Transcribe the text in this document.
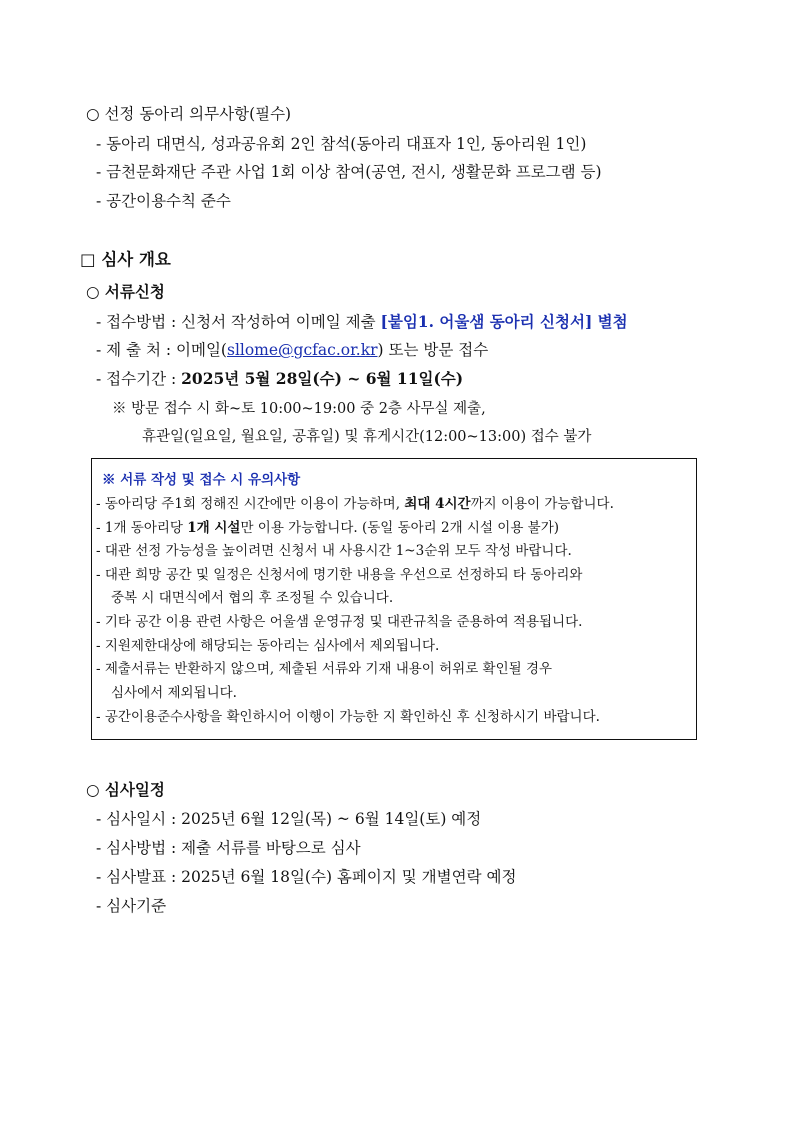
○ 선정 동아리 의무사항(필수)
- 동아리 대면식, 성과공유회 2인 참석(동아리 대표자 1인, 동아리원 1인)
- 금천문화재단 주관 사업 1회 이상 참여(공연, 전시, 생활문화 프로그램 등)
- 공간이용수칙 준수
□ 심사 개요
○ 서류신청
- 접수방법 : 신청서 작성하여 이메일 제출 [붙임1. 어울샘 동아리 신청서] 별첨
- 제 출 처 : 이메일(sllome@gcfac.or.kr) 또는 방문 접수
- 접수기간 : 2025년 5월 28일(수) ~ 6월 11일(수)
※ 방문 접수 시 화~토 10:00~19:00 중 2층 사무실 제출,
휴관일(일요일, 월요일, 공휴일) 및 휴게시간(12:00~13:00) 접수 불가
※ 서류 작성 및 접수 시 유의사항
- 동아리당 주1회 정해진 시간에만 이용이 가능하며, 최대 4시간까지 이용이 가능합니다.
- 1개 동아리당 1개 시설만 이용 가능합니다. (동일 동아리 2개 시설 이용 불가)
- 대관 선정 가능성을 높이려면 신청서 내 사용시간 1~3순위 모두 작성 바랍니다.
- 대관 희망 공간 및 일정은 신청서에 명기한 내용을 우선으로 선정하되 타 동아리와
중복 시 대면식에서 협의 후 조정될 수 있습니다.
- 기타 공간 이용 관련 사항은 어울샘 운영규정 및 대관규칙을 준용하여 적용됩니다.
- 지원제한대상에 해당되는 동아리는 심사에서 제외됩니다.
- 제출서류는 반환하지 않으며, 제출된 서류와 기재 내용이 허위로 확인될 경우
심사에서 제외됩니다.
- 공간이용준수사항을 확인하시어 이행이 가능한 지 확인하신 후 신청하시기 바랍니다.
○ 심사일정
- 심사일시 : 2025년 6월 12일(목) ~ 6월 14일(토) 예정
- 심사방법 : 제출 서류를 바탕으로 심사
- 심사발표 : 2025년 6월 18일(수) 홈페이지 및 개별연락 예정
- 심사기준
